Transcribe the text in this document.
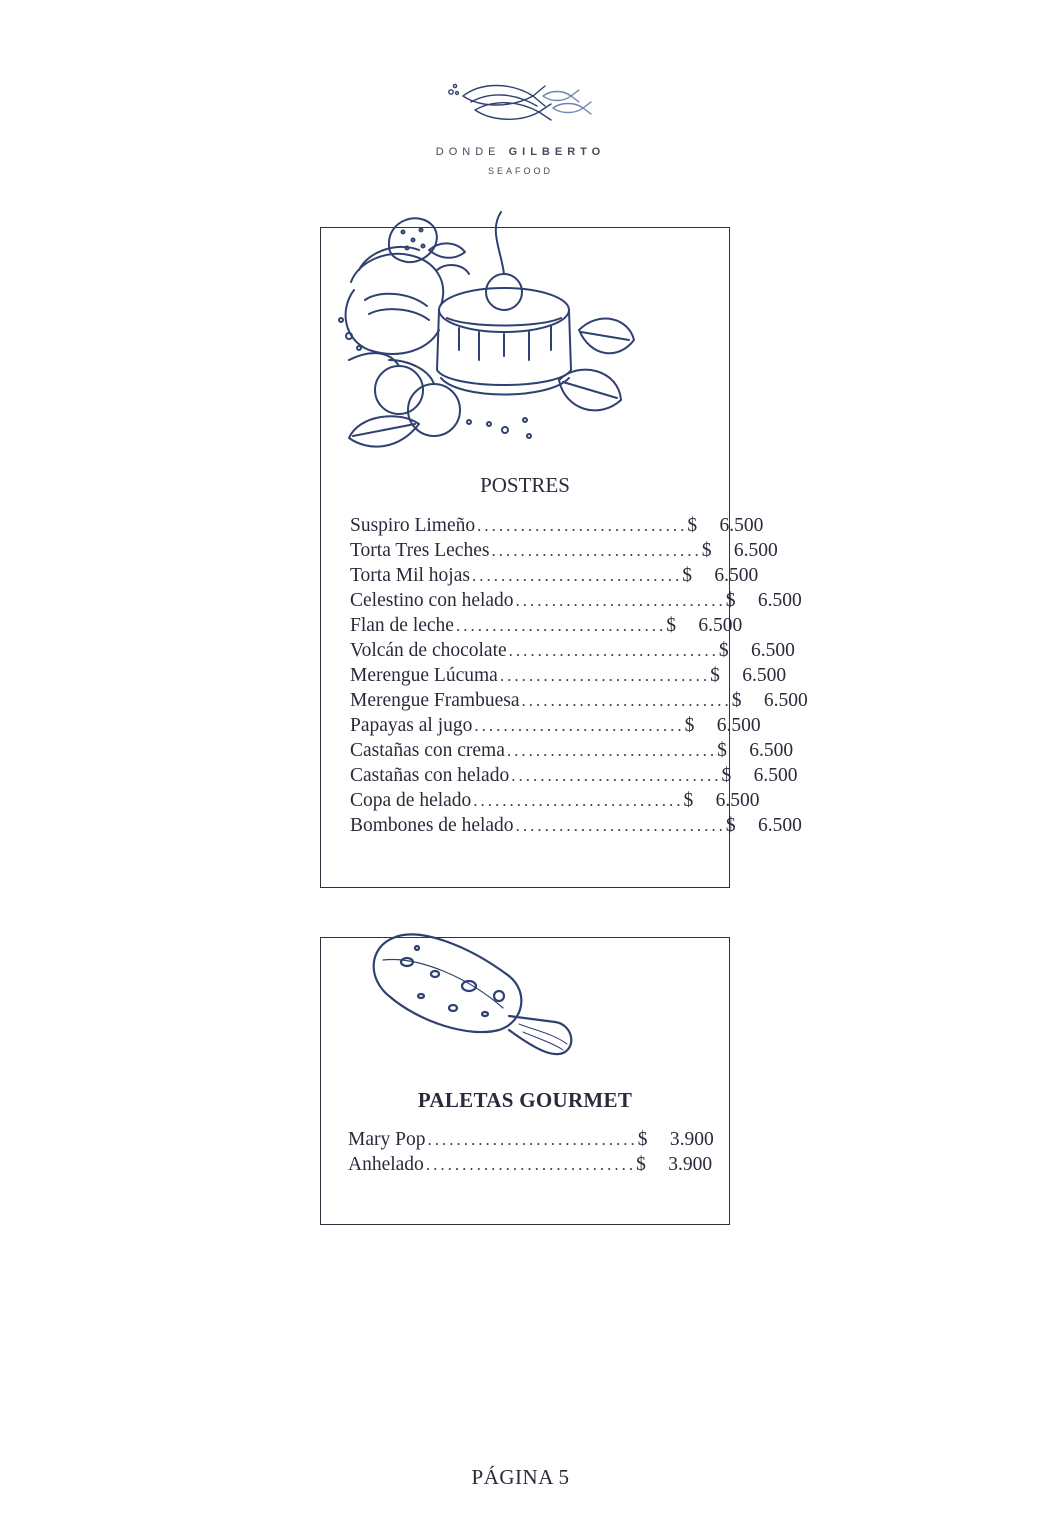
DONDE GILBERTO
SEAFOOD
POSTRES
Suspiro Limeño ............................. $	6.500
Torta Tres Leches ............................. $	6.500
Torta Mil hojas ............................. $	6.500
Celestino con helado ............................. $	6.500
Flan de leche ............................. $	6.500
Volcán de chocolate ............................. $	6.500
Merengue Lúcuma ............................. $	6.500
Merengue Frambuesa ............................. $	6.500
Papayas al jugo ............................. $	6.500
Castañas con crema ............................. $	6.500
Castañas con helado ............................. $	6.500
Copa de helado ............................. $	6.500
Bombones de helado ............................. $	6.500
PALETAS GOURMET
Mary Pop ............................. $	3.900
Anhelado ............................. $	3.900
PÁGINA 5
